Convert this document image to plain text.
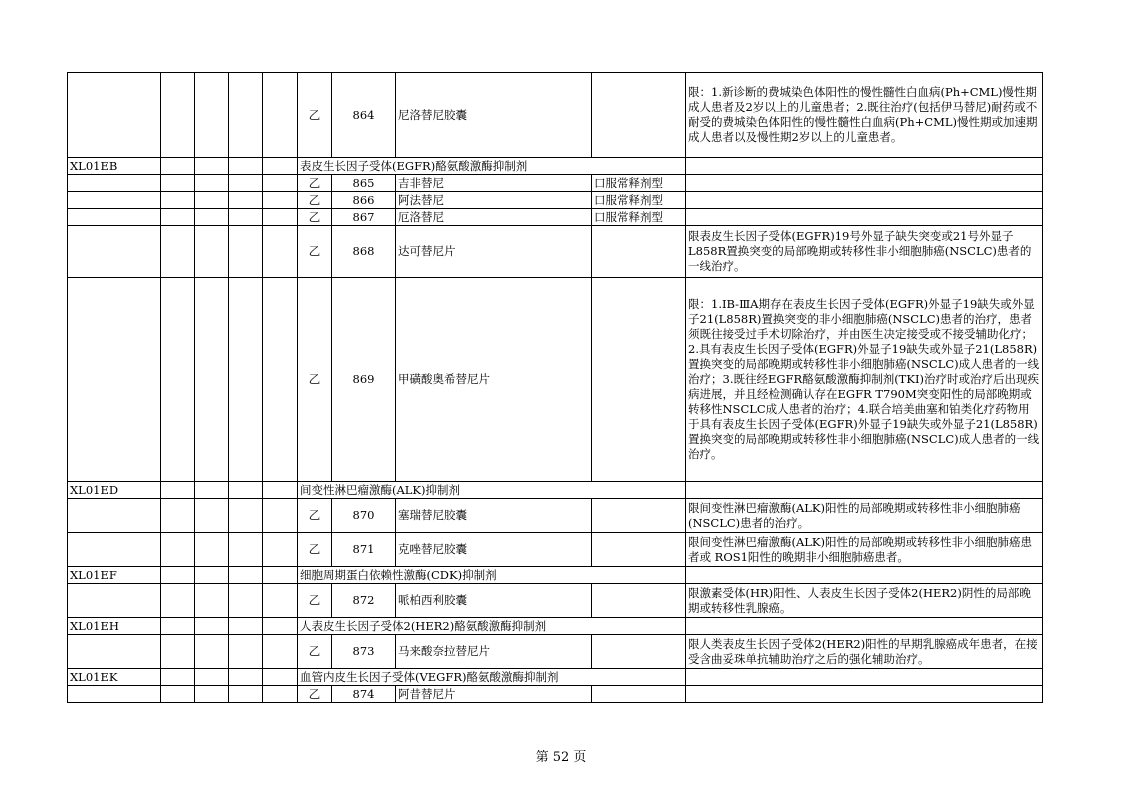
					乙	864	尼洛替尼胶囊		限：1.新诊断的费城染色体阳性的慢性髓性白血病(Ph+CML)慢性期成人患者及2岁以上的儿童患者；2.既往治疗(包括伊马替尼)耐药或不耐受的费城染色体阳性的慢性髓性白血病(Ph+CML)慢性期或加速期成人患者以及慢性期2岁以上的儿童患者。
XL01EB					表皮生长因子受体(EGFR)酪氨酸激酶抑制剂				
					乙	865	吉非替尼	口服常释剂型	
					乙	866	阿法替尼	口服常释剂型	
					乙	867	厄洛替尼	口服常释剂型	
					乙	868	达可替尼片		限表皮生长因子受体(EGFR)19号外显子缺失突变或21号外显子L858R置换突变的局部晚期或转移性非小细胞肺癌(NSCLC)患者的一线治疗。
					乙	869	甲磺酸奥希替尼片		限：1.ⅠB-ⅢA期存在表皮生长因子受体(EGFR)外显子19缺失或外显子21(L858R)置换突变的非小细胞肺癌(NSCLC)患者的治疗，患者须既往接受过手术切除治疗，并由医生决定接受或不接受辅助化疗；2.具有表皮生长因子受体(EGFR)外显子19缺失或外显子21(L858R)置换突变的局部晚期或转移性非小细胞肺癌(NSCLC)成人患者的一线治疗；3.既往经EGFR酪氨酸激酶抑制剂(TKI)治疗时或治疗后出现疾病进展，并且经检测确认存在EGFR T790M突变阳性的局部晚期或转移性NSCLC成人患者的治疗；4.联合培美曲塞和铂类化疗药物用于具有表皮生长因子受体(EGFR)外显子19缺失或外显子21(L858R)置换突变的局部晚期或转移性非小细胞肺癌(NSCLC)成人患者的一线治疗。
XL01ED					间变性淋巴瘤激酶(ALK)抑制剂				
					乙	870	塞瑞替尼胶囊		限间变性淋巴瘤激酶(ALK)阳性的局部晚期或转移性非小细胞肺癌(NSCLC)患者的治疗。
					乙	871	克唑替尼胶囊		限间变性淋巴瘤激酶(ALK)阳性的局部晚期或转移性非小细胞肺癌患者或 ROS1阳性的晚期非小细胞肺癌患者。
XL01EF					细胞周期蛋白依赖性激酶(CDK)抑制剂				
					乙	872	哌柏西利胶囊		限激素受体(HR)阳性、人表皮生长因子受体2(HER2)阴性的局部晚期或转移性乳腺癌。
XL01EH					人表皮生长因子受体2(HER2)酪氨酸激酶抑制剂				
					乙	873	马来酸奈拉替尼片		限人类表皮生长因子受体2(HER2)阳性的早期乳腺癌成年患者，在接受含曲妥珠单抗辅助治疗之后的强化辅助治疗。
XL01EK					血管内皮生长因子受体(VEGFR)酪氨酸激酶抑制剂				
					乙	874	阿昔替尼片		
第 52 页
